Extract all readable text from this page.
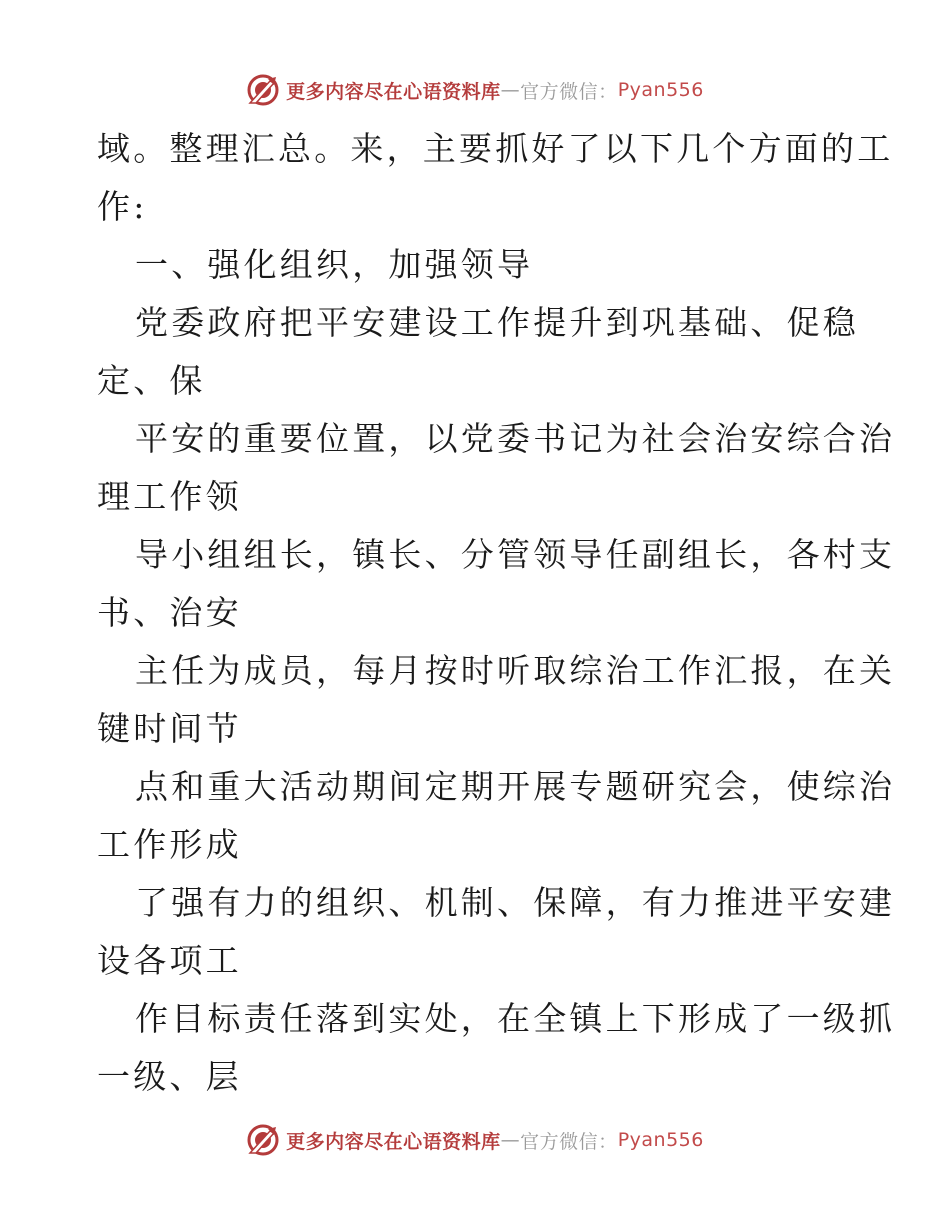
更多内容尽在心语资料库 — 官方微信： Pyan556
域。整理汇总。来，主要抓好了以下几个方面的工
作:
一、强化组织，加强领导
党委政府把平安建设工作提升到巩基础、促稳
定、保
平安的重要位置，以党委书记为社会治安综合治
理工作领
导小组组长，镇长、分管领导任副组长，各村支
书、治安
主任为成员，每月按时听取综治工作汇报，在关
键时间节
点和重大活动期间定期开展专题研究会，使综治
工作形成
了强有力的组织、机制、保障，有力推进平安建
设各项工
作目标责任落到实处，在全镇上下形成了一级抓
一级、层
更多内容尽在心语资料库 — 官方微信： Pyan556
